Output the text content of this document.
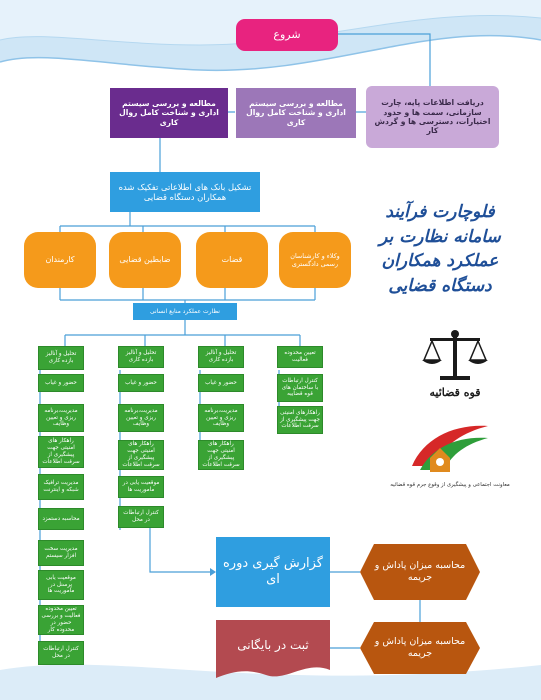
شروع
دریافت اطلاعات پایه، چارت سازمانی، سمت ها و حدود اختیارات، دسترسی ها و گردش کار
مطالعه و بررسی سیستم اداری و شناخت کامل روال کاری
مطالعه و بررسی سیستم اداری و شناخت کامل روال کاری
تشکیل بانک های اطلاعاتی تفکیک شده همکاران دستگاه قضایی
وکلاء و کارشناسان رسمی دادگستری
قضات
ضابطین قضایی
کارمندان
نظارت عملکرد منابع انسانی
تعیین محدوده فعالیت
کنترل ارتباطات با ساختمان های قوه قضاییه
راهکارهای امنیتی جهت پیشگیری از سرقت اطلاعات
تحلیل و آنالیز بازده کاری
حضور و غیاب
مدیریت،برنامه ریزی و تعیین وظایف
راهکار های امنیتی جهت پیشگیری از سرقت اطلاعات
تحلیل و آنالیز بازده کاری
حضور و غیاب
مدیریت،برنامه ریزی و تعیین وظایف
راهکار های امنیتی جهت پیشگیری از سرقت اطلاعات
موقعیت یابی در ماموریت ها
کنترل ارتباطات در محل
تحلیل و آنالیز بازده کاری
حضور و غیاب
مدیریت،برنامه ریزی و تعیین وظایف
راهکار های امنیتی جهت پیشگیری از سرقت اطلاعات
مدیریت ترافیک شبکه و اینترنت
محاسبه دستمزد
مدیریت سخت افزار سیستم
موقعیت یابی پرسنل در ماموریت ها
تعیین محدوده فعالیت و بررسی حضور در محدوده کار
کنترل ارتباطات در محل
گزارش گیری دوره ای
محاسبه میزان پاداش و جریمه
محاسبه میزان پاداش و جریمه
ثبت در بایگانی
فلوچارت فرآیند سامانه نظارت بر عملکرد همکاران دستگاه قضایی
قوه قضائیه
معاونت اجتماعی و پیشگیری از وقوع جرم قوه قضائیه
